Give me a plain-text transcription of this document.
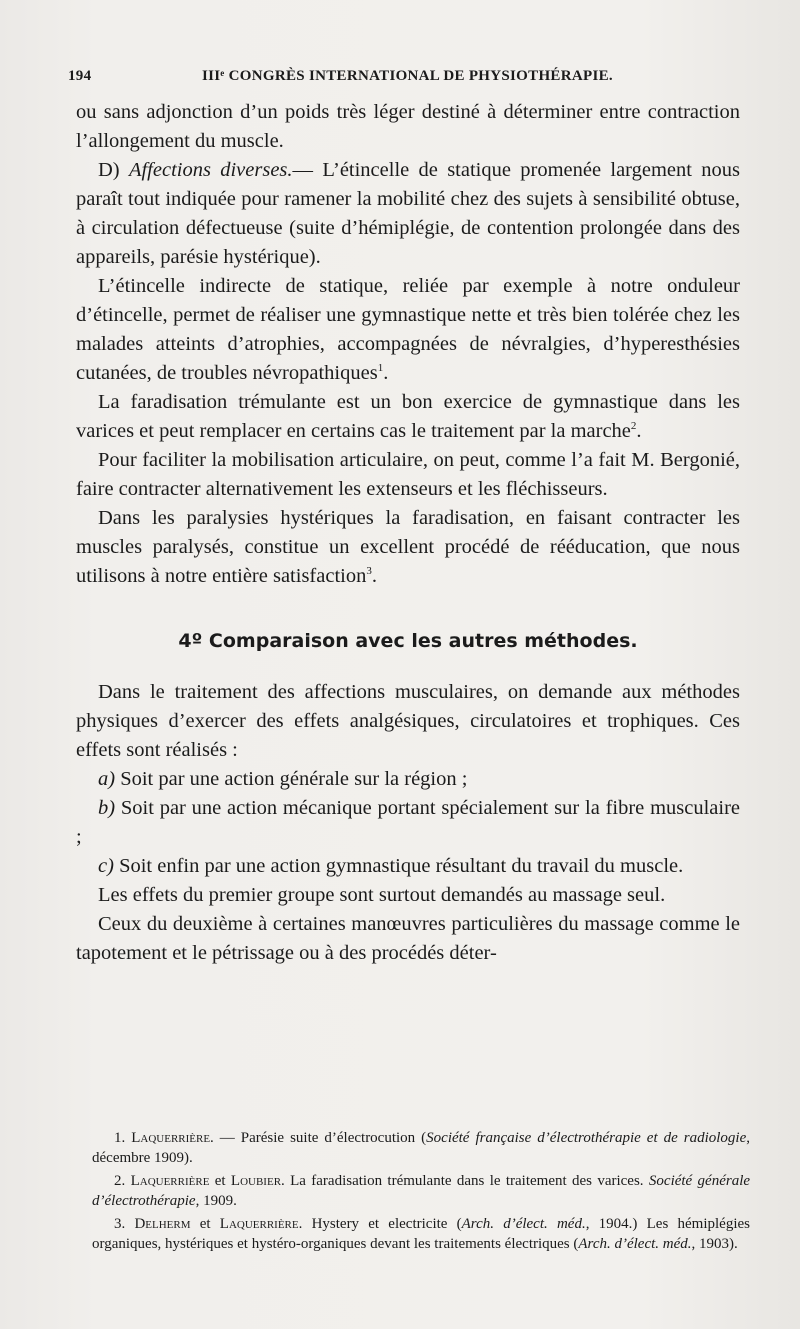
194	IIIᵉ CONGRÈS INTERNATIONAL DE PHYSIOTHÉRAPIE.

ou sans adjonction d’un poids très léger destiné à déterminer entre contraction l’allongement du muscle.

D) Affections diverses.— L’étincelle de statique promenée largement nous paraît tout indiquée pour ramener la mobilité chez des sujets à sensibilité obtuse, à circulation défectueuse (suite d’hémiplégie, de contention prolongée dans des appareils, parésie hystérique).

L’étincelle indirecte de statique, reliée par exemple à notre onduleur d’étincelle, permet de réaliser une gymnastique nette et très bien tolérée chez les malades atteints d’atrophies, accompagnées de névralgies, d’hyperesthésies cutanées, de troubles névropathiques$^1$.

La faradisation trémulante est un bon exercice de gymnastique dans les varices et peut remplacer en certains cas le traitement par la marche$^2$.

Pour faciliter la mobilisation articulaire, on peut, comme l’a fait M. Bergonié, faire contracter alternativement les extenseurs et les fléchisseurs.

Dans les paralysies hystériques la faradisation, en faisant contracter les muscles paralysés, constitue un excellent procédé de rééducation, que nous utilisons à notre entière satisfaction$^3$.

4º Comparaison avec les autres méthodes.

Dans le traitement des affections musculaires, on demande aux méthodes physiques d’exercer des effets analgésiques, circulatoires et trophiques. Ces effets sont réalisés :

a) Soit par une action générale sur la région ;

b) Soit par une action mécanique portant spécialement sur la fibre musculaire ;

c) Soit enfin par une action gymnastique résultant du travail du muscle.

Les effets du premier groupe sont surtout demandés au massage seul.

Ceux du deuxième à certaines manœuvres particulières du massage comme le tapotement et le pétrissage ou à des procédés déter-

1. Laquerrière. — Parésie suite d’électrocution (Société française d’électrothérapie et de radiologie, décembre 1909).

2. Laquerrière et Loubier. La faradisation trémulante dans le traitement des varices. Société générale d’électrothérapie, 1909.

3. Delherm et Laquerrière. Hystery et electricite (Arch. d’élect. méd., 1904.) Les hémiplégies organiques, hystériques et hystéro-organiques devant les traitements électriques (Arch. d’élect. méd., 1903).
